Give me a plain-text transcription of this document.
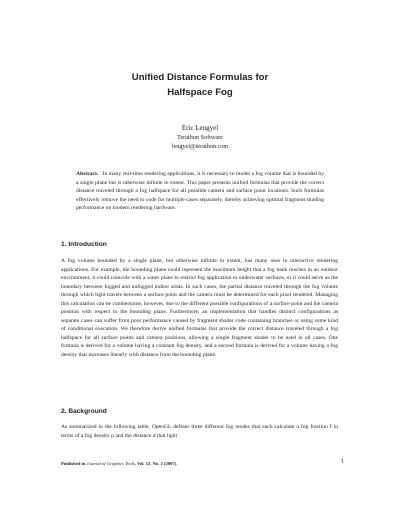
Unified Distance Formulas for
Halfspace Fog
Eric Lengyel
Terathon Software
lengyel@terathon.com
Abstract. In many real-time rendering applications, it is necessary to model a fog volume that is bounded by a single plane but is otherwise infinite in extent. This paper presents unified formulas that provide the correct distance traveled through a fog halfspace for all possible camera and surface point locations. Such formulas effectively remove the need to code for multiple cases separately, thereby achieving optimal fragment shading performance on modern rendering hardware.
1. Introduction
A fog volume bounded by a single plane, but otherwise infinite in extent, has many uses in interactive rendering applications. For example, the bounding plane could represent the maximum height that a fog bank reaches in an outdoor environment, it could coincide with a water plane to restrict fog application to underwater surfaces, or it could serve as the boundary between fogged and unfogged indoor areas. In such cases, the partial distance traveled through the fog volume through which light travels between a surface point and the camera must be determined for each pixel rendered. Managing this calculation can be cumbersome, however, due to the different possible configurations of a surface point and the camera position with respect to the bounding plane. Furthermore, an implementation that handles distinct configurations as separate cases can suffer from poor performance caused by fragment shader code containing branches or using some kind of conditional execution. We therefore derive unified formulas that provide the correct distance traveled through a fog halfspace for all surface points and camera positions, allowing a single fragment shader to be used in all cases. One formula is derived for a volume having a constant fog density, and a second formula is derived for a volume having a fog density that increases linearly with distance from the bounding plane.
2. Background
As summarized in the following table, OpenGL defines three different fog modes that each calculate a fog fraction f in terms of a fog density ρ and the distance d that light
Published in Journal of Graphics Tools, Vol. 12, No. 2 (2007).	1
